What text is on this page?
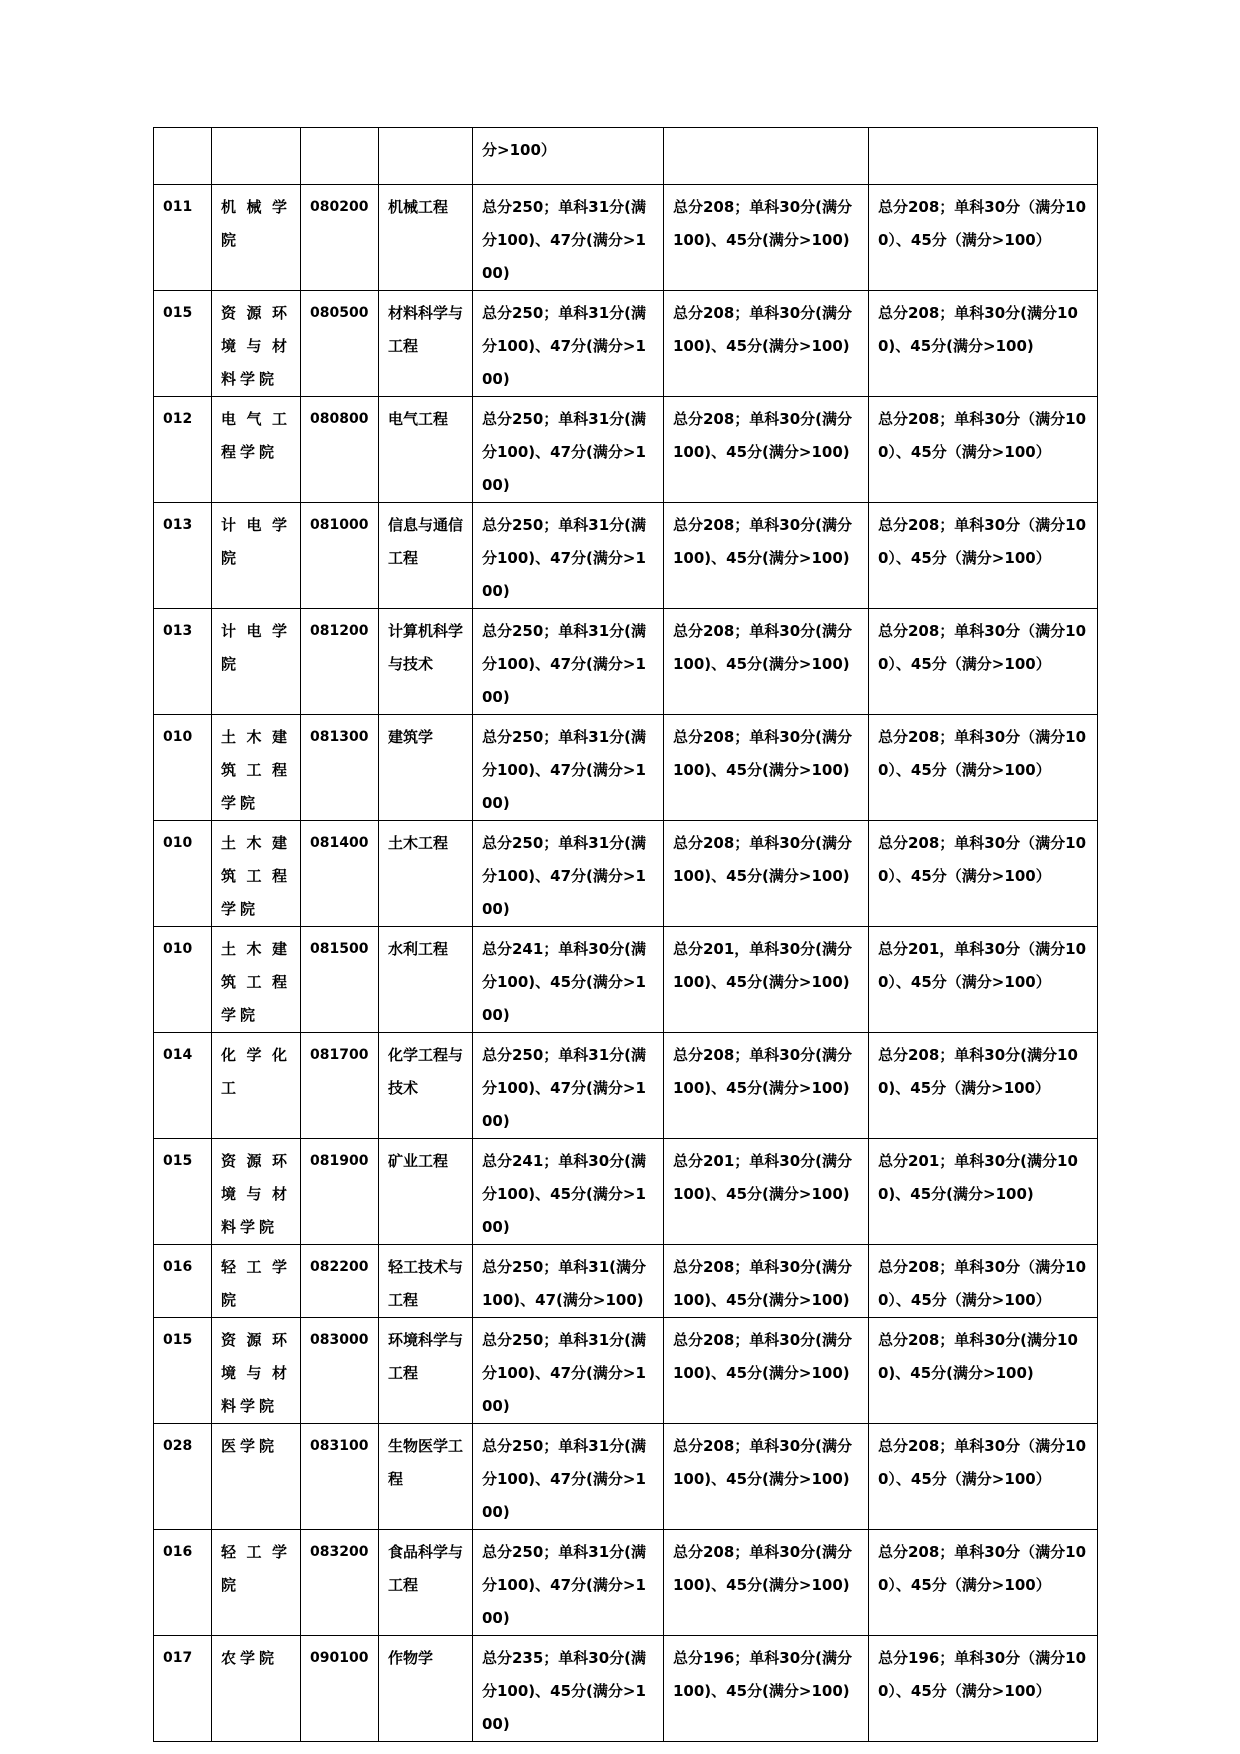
				分>100）		
011	机械学院	080200	机械工程	总分250；单科31分(满分100)、47分(满分>100)	总分208；单科30分(满分100)、45分(满分>100)	总分208；单科30分（满分100）、45分（满分>100）
015	资源环境与材料学院	080500	材料科学与工程	总分250；单科31分(满分100)、47分(满分>100)	总分208；单科30分(满分100)、45分(满分>100)	总分208；单科30分(满分100)、45分(满分>100)
012	电气工程学院	080800	电气工程	总分250；单科31分(满分100)、47分(满分>100)	总分208；单科30分(满分100)、45分(满分>100)	总分208；单科30分（满分100）、45分（满分>100）
013	计电学院	081000	信息与通信工程	总分250；单科31分(满分100)、47分(满分>100)	总分208；单科30分(满分100)、45分(满分>100)	总分208；单科30分（满分100）、45分（满分>100）
013	计电学院	081200	计算机科学与技术	总分250；单科31分(满分100)、47分(满分>100)	总分208；单科30分(满分100)、45分(满分>100)	总分208；单科30分（满分100）、45分（满分>100）
010	土木建筑工程学院	081300	建筑学	总分250；单科31分(满分100)、47分(满分>100)	总分208；单科30分(满分100)、45分(满分>100)	总分208；单科30分（满分100）、45分（满分>100）
010	土木建筑工程学院	081400	土木工程	总分250；单科31分(满分100)、47分(满分>100)	总分208；单科30分(满分100)、45分(满分>100)	总分208；单科30分（满分100）、45分（满分>100）
010	土木建筑工程学院	081500	水利工程	总分241；单科30分(满分100)、45分(满分>100)	总分201，单科30分(满分100)、45分(满分>100)	总分201，单科30分（满分100）、45分（满分>100）
014	化学化工	081700	化学工程与技术	总分250；单科31分(满分100)、47分(满分>100)	总分208；单科30分(满分100)、45分(满分>100)	总分208；单科30分(满分100)、45分（满分>100）
015	资源环境与材料学院	081900	矿业工程	总分241；单科30分(满分100)、45分(满分>100)	总分201；单科30分(满分100)、45分(满分>100)	总分201；单科30分(满分100)、45分(满分>100)
016	轻工学院	082200	轻工技术与工程	总分250；单科31(满分100)、47(满分>100)	总分208；单科30分(满分100)、45分(满分>100)	总分208；单科30分（满分100）、45分（满分>100）
015	资源环境与材料学院	083000	环境科学与工程	总分250；单科31分(满分100)、47分(满分>100)	总分208；单科30分(满分100)、45分(满分>100)	总分208；单科30分(满分100)、45分(满分>100)
028	医学院	083100	生物医学工程	总分250；单科31分(满分100)、47分(满分>100)	总分208；单科30分(满分100)、45分(满分>100)	总分208；单科30分（满分100）、45分（满分>100）
016	轻工学院	083200	食品科学与工程	总分250；单科31分(满分100)、47分(满分>100)	总分208；单科30分(满分100)、45分(满分>100)	总分208；单科30分（满分100）、45分（满分>100）
017	农学院	090100	作物学	总分235；单科30分(满分100)、45分(满分>100)	总分196；单科30分(满分100)、45分(满分>100)	总分196；单科30分（满分100）、45分（满分>100）
